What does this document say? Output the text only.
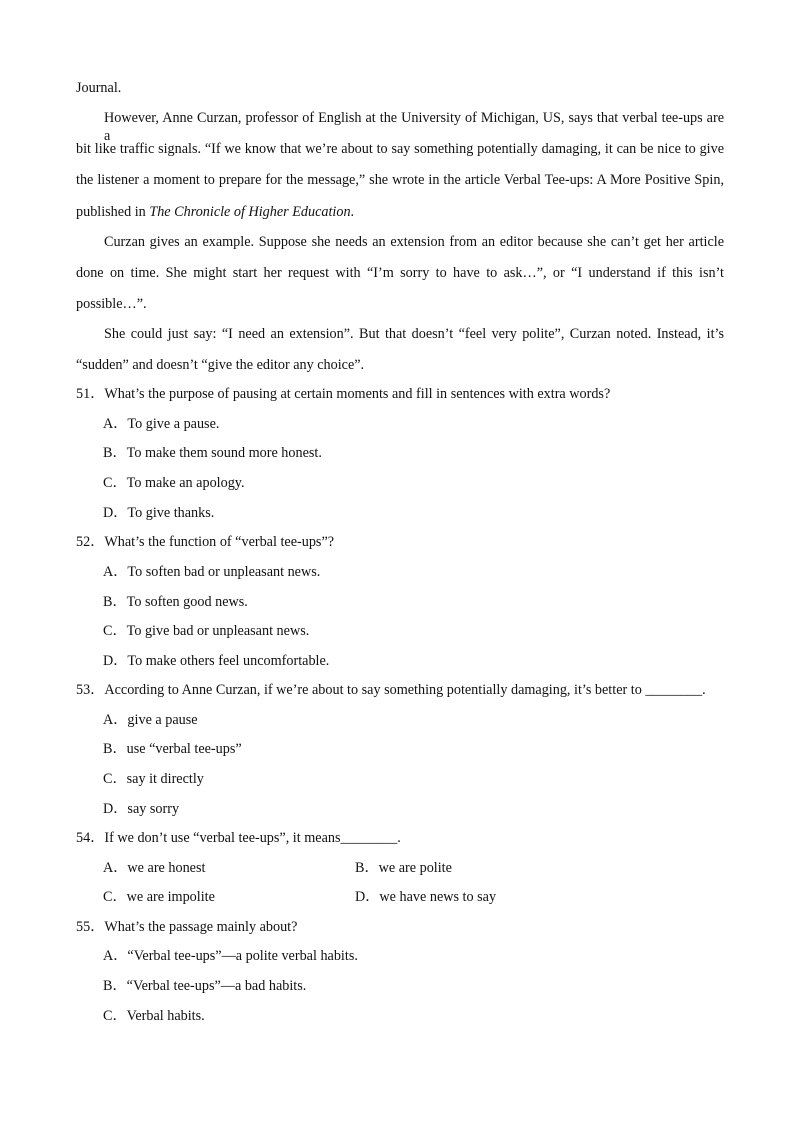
Journal.
However, Anne Curzan, professor of English at the University of Michigan, US, says that verbal tee-ups are a
bit like traffic signals. “If we know that we’re about to say something potentially damaging, it can be nice to give
the listener a moment to prepare for the message,” she wrote in the article Verbal Tee-ups: A More Positive Spin,
published in The Chronicle of Higher Education.
Curzan gives an example. Suppose she needs an extension from an editor because she can’t get her article
done on time. She might start her request with “I’m sorry to have to ask…”, or “I understand if this isn’t
possible…”.
She could just say: “I need an extension”. But that doesn’t “feel very polite”, Curzan noted. Instead, it’s
“sudden” and doesn’t “give the editor any choice”.
51．What’s the purpose of pausing at certain moments and fill in sentences with extra words?
A．To give a pause.
B．To make them sound more honest.
C．To make an apology.
D．To give thanks.
52．What’s the function of “verbal tee-ups”?
A．To soften bad or unpleasant news.
B．To soften good news.
C．To give bad or unpleasant news.
D．To make others feel uncomfortable.
53．According to Anne Curzan, if we’re about to say something potentially damaging, it’s better to ________.
A．give a pause
B．use “verbal tee-ups”
C．say it directly
D．say sorry
54．If we don’t use “verbal tee-ups”, it means________.
A．we are honest	B．we are polite
C．we are impolite	D．we have news to say
55．What’s the passage mainly about?
A．“Verbal tee-ups”—a polite verbal habits.
B．“Verbal tee-ups”—a bad habits.
C．Verbal habits.
